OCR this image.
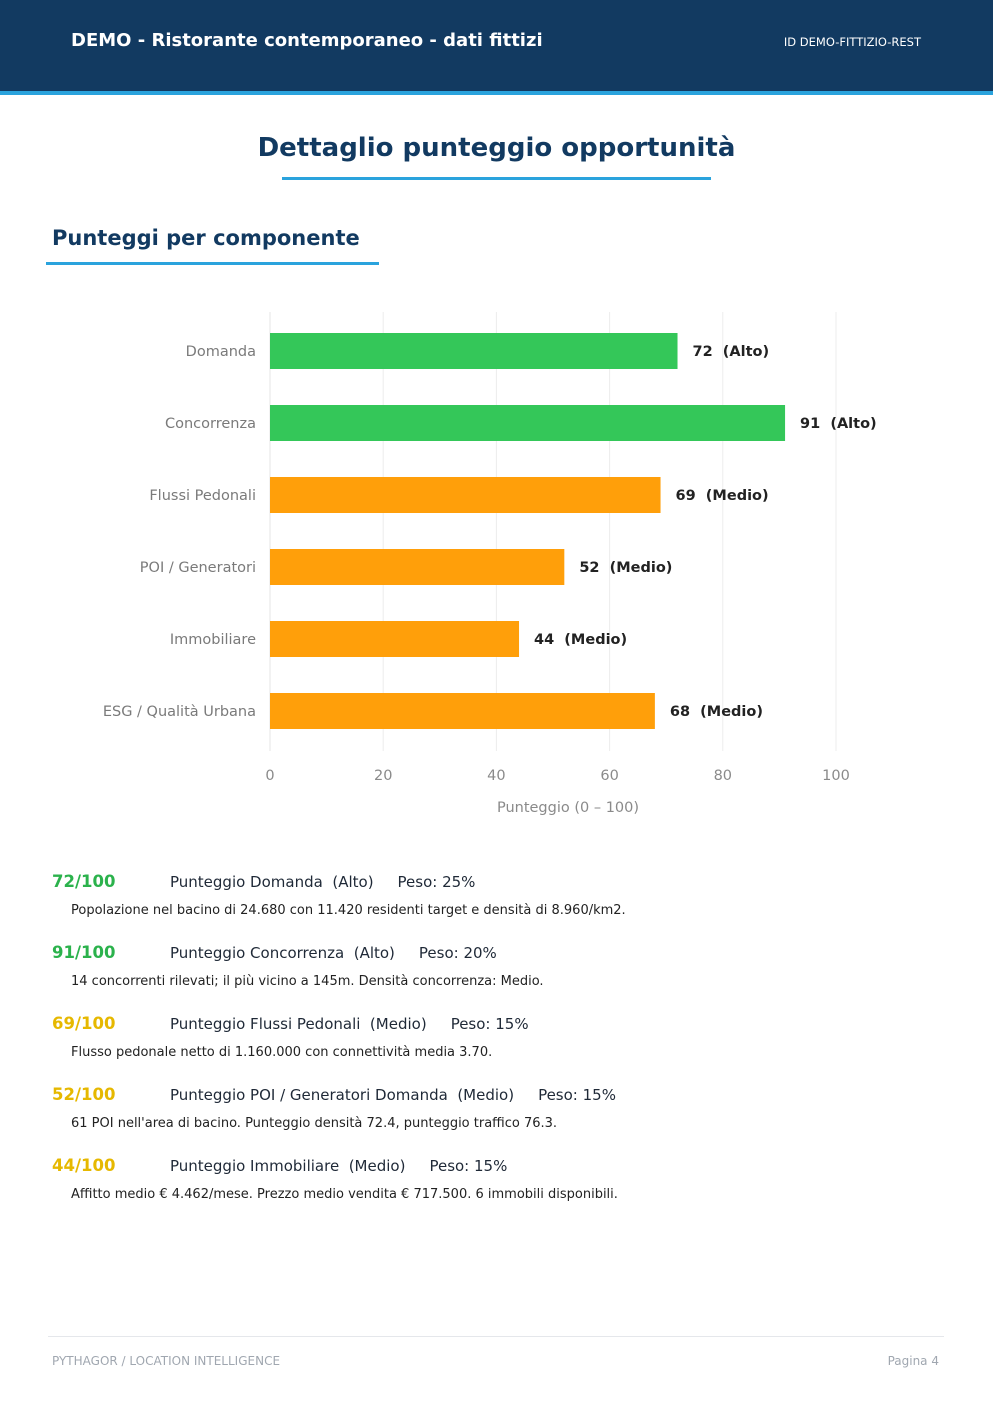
DEMO - Ristorante contemporaneo - dati fittizi	ID DEMO-FITTIZIO-REST
Dettaglio punteggio opportunità
Punteggi per componente
Domanda	72  (Alto)
Concorrenza	91  (Alto)
Flussi Pedonali	69  (Medio)
POI / Generatori	52  (Medio)
Immobiliare	44  (Medio)
ESG / Qualità Urbana	68  (Medio)
0	20	40	60	80	100
Punteggio (0 – 100)
72/100	Punteggio Domanda  (Alto) Peso: 25%
Popolazione nel bacino di 24.680 con 11.420 residenti target e densità di 8.960/km2.
91/100	Punteggio Concorrenza  (Alto) Peso: 20%
14 concorrenti rilevati; il più vicino a 145m. Densità concorrenza: Medio.
69/100	Punteggio Flussi Pedonali  (Medio) Peso: 15%
Flusso pedonale netto di 1.160.000 con connettività media 3.70.
52/100	Punteggio POI / Generatori Domanda  (Medio) Peso: 15%
61 POI nell'area di bacino. Punteggio densità 72.4, punteggio traffico 76.3.
44/100	Punteggio Immobiliare  (Medio) Peso: 15%
Affitto medio € 4.462/mese. Prezzo medio vendita € 717.500. 6 immobili disponibili.
PYTHAGOR / LOCATION INTELLIGENCE	Pagina 4
